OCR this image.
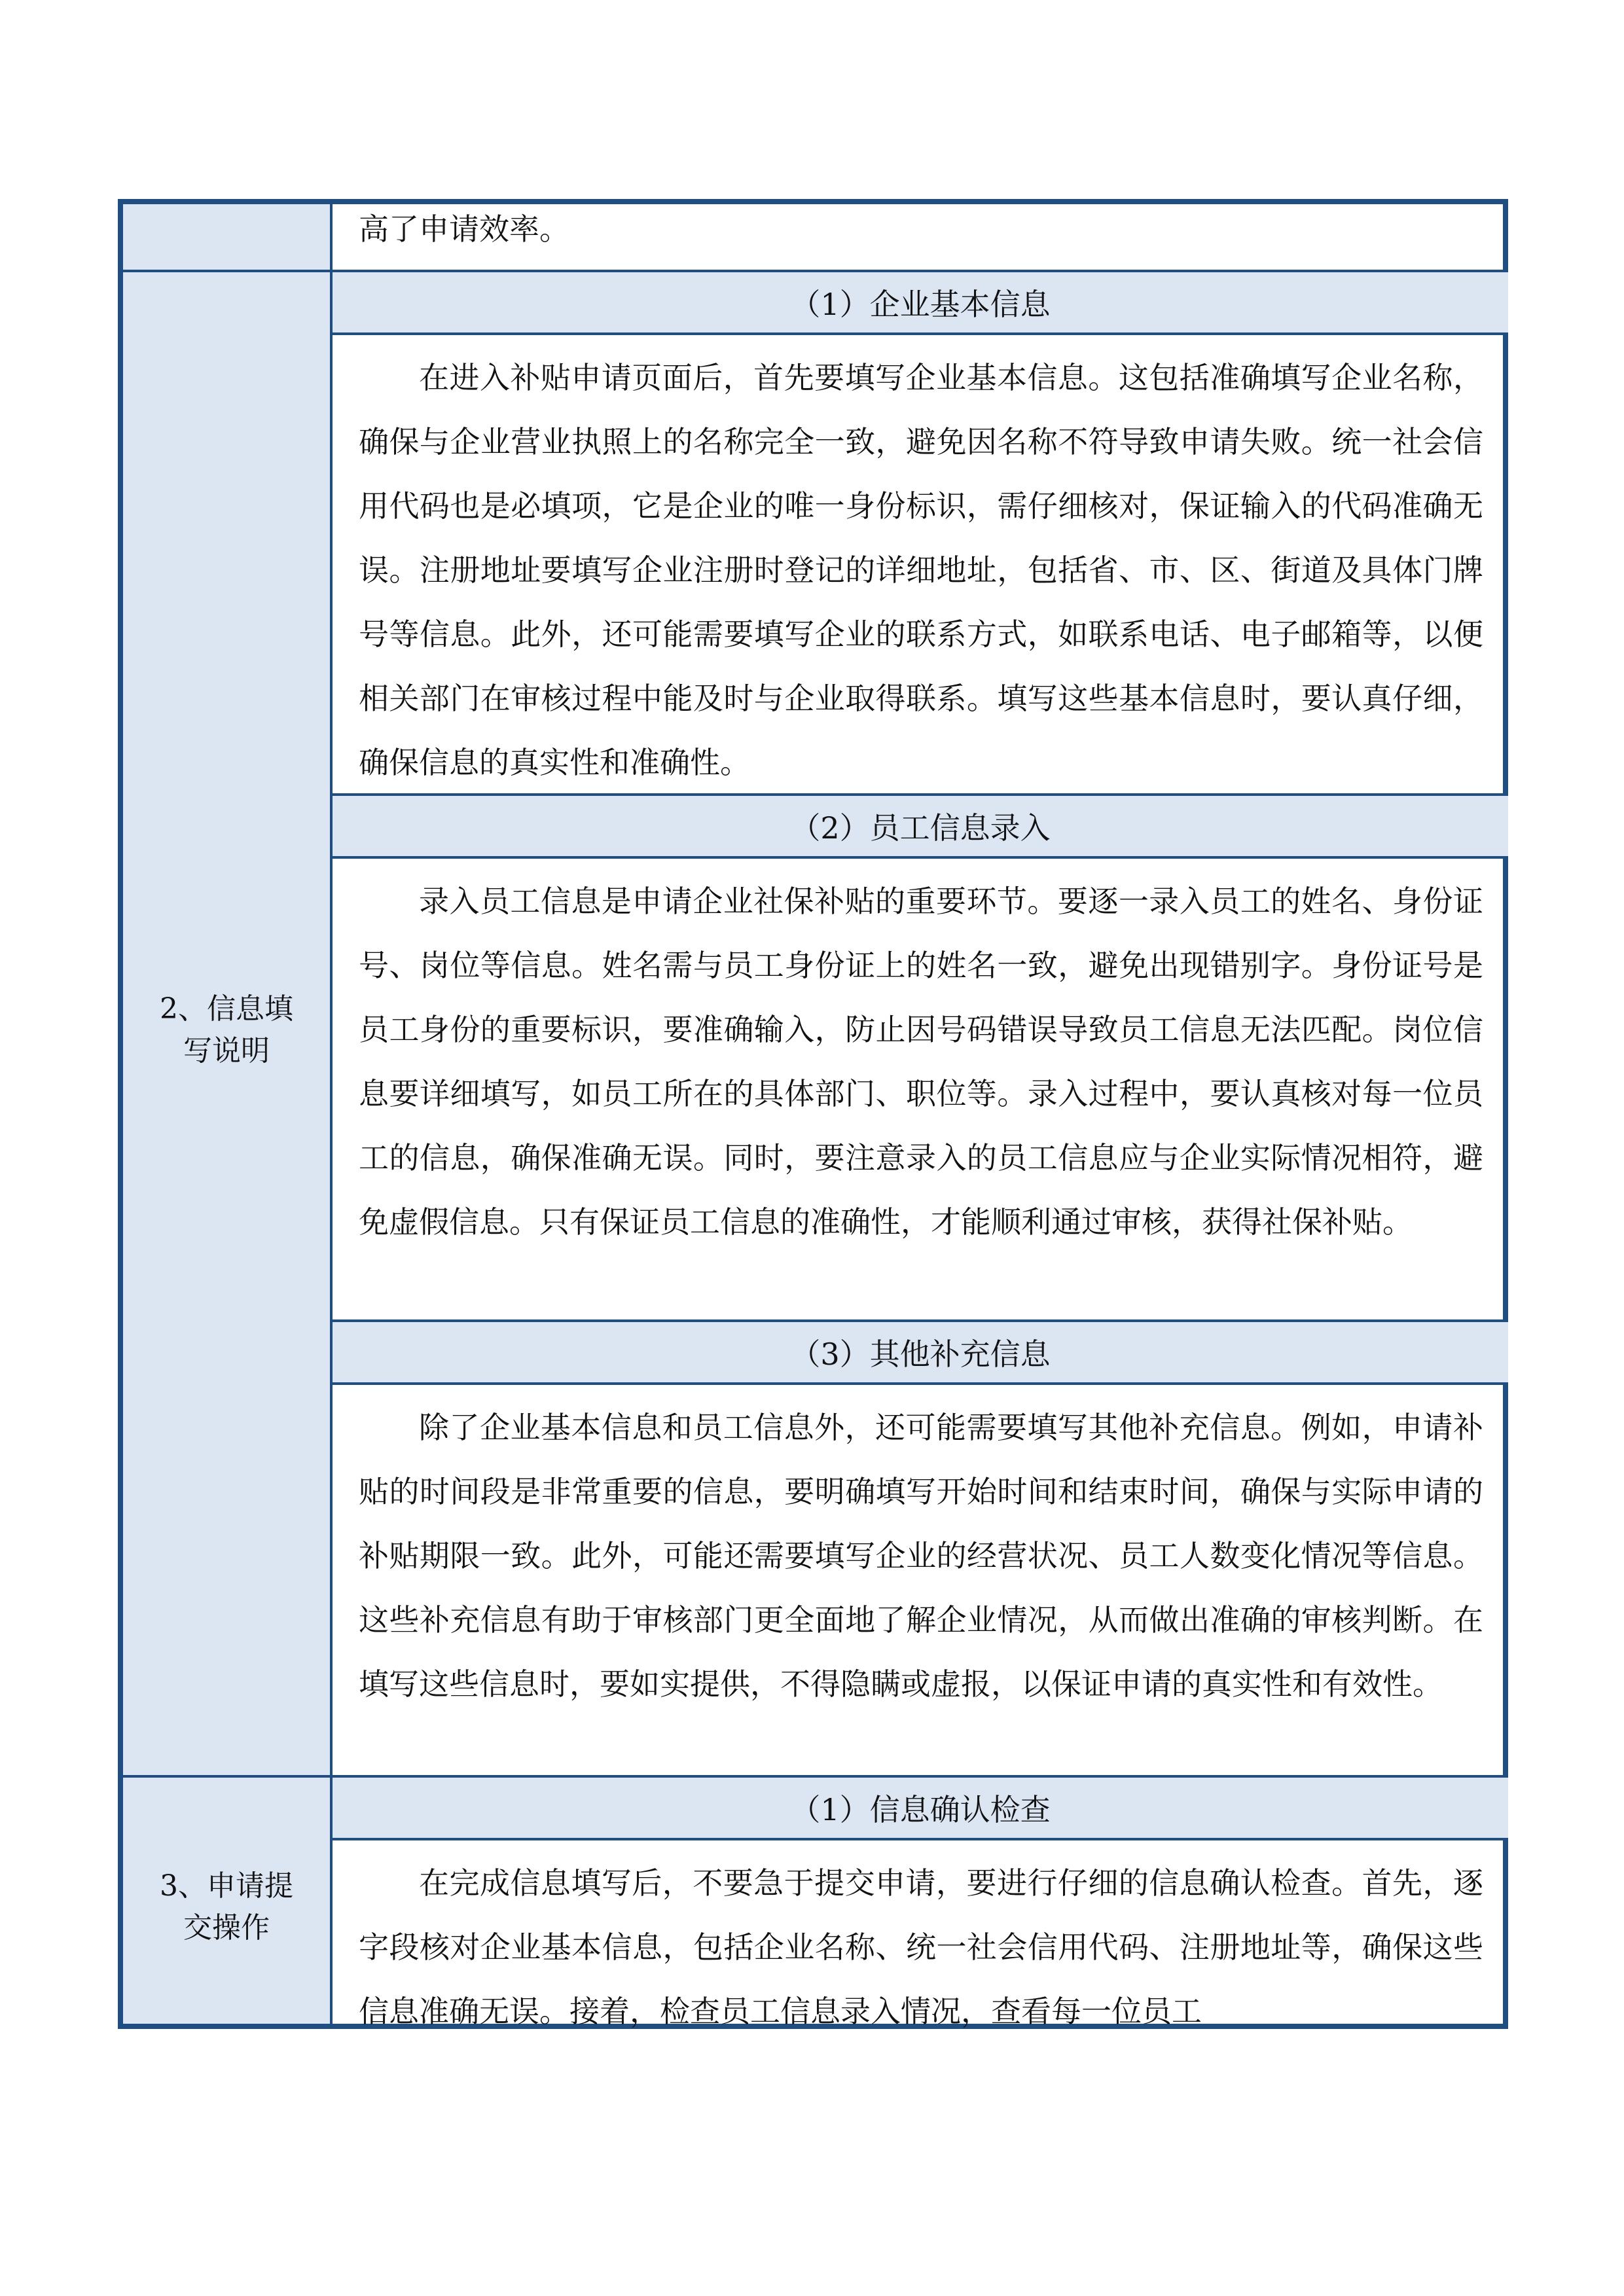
2、信息填写说明
3、申请提交操作
高了申请效率。
（1）企业基本信息
在进入补贴申请页面后，首先要填写企业基本信息。这包括准确填写企业名称，确保与企业营业执照上的名称完全一致，避免因名称不符导致申请失败。统一社会信用代码也是必填项，它是企业的唯一身份标识，需仔细核对，保证输入的代码准确无误。注册地址要填写企业注册时登记的详细地址，包括省、市、区、街道及具体门牌号等信息。此外，还可能需要填写企业的联系方式，如联系电话、电子邮箱等，以便相关部门在审核过程中能及时与企业取得联系。填写这些基本信息时，要认真仔细，确保信息的真实性和准确性。
（2）员工信息录入
录入员工信息是申请企业社保补贴的重要环节。要逐一录入员工的姓名、身份证号、岗位等信息。姓名需与员工身份证上的姓名一致，避免出现错别字。身份证号是员工身份的重要标识，要准确输入，防止因号码错误导致员工信息无法匹配。岗位信息要详细填写，如员工所在的具体部门、职位等。录入过程中，要认真核对每一位员工的信息，确保准确无误。同时，要注意录入的员工信息应与企业实际情况相符，避免虚假信息。只有保证员工信息的准确性，才能顺利通过审核，获得社保补贴。
（3）其他补充信息
除了企业基本信息和员工信息外，还可能需要填写其他补充信息。例如，申请补贴的时间段是非常重要的信息，要明确填写开始时间和结束时间，确保与实际申请的补贴期限一致。此外，可能还需要填写企业的经营状况、员工人数变化情况等信息。这些补充信息有助于审核部门更全面地了解企业情况，从而做出准确的审核判断。在填写这些信息时，要如实提供，不得隐瞒或虚报，以保证申请的真实性和有效性。
（1）信息确认检查
在完成信息填写后，不要急于提交申请，要进行仔细的信息确认检查。首先，逐字段核对企业基本信息，包括企业名称、统一社会信用代码、注册地址等，确保这些信息准确无误。接着，检查员工信息录入情况，查看每一位员工
